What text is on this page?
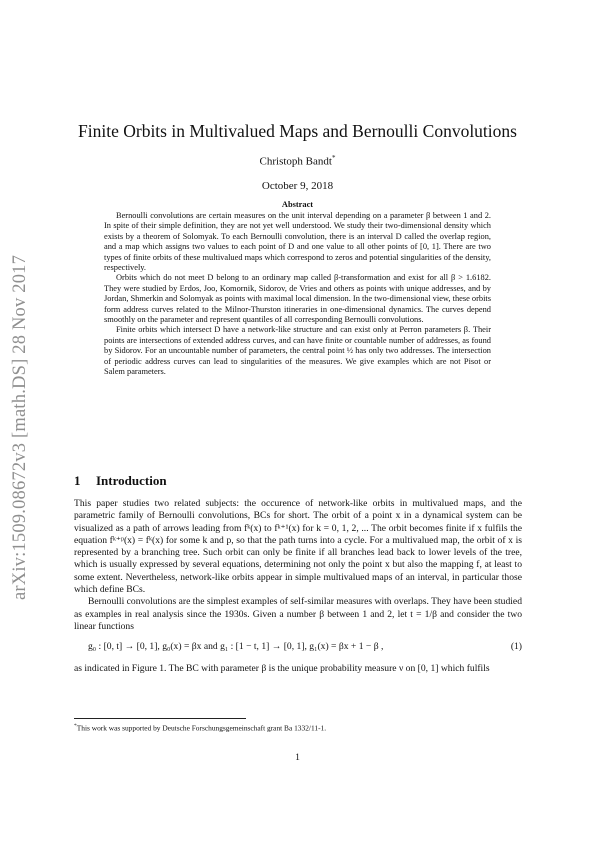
arXiv:1509.08672v3 [math.DS] 28 Nov 2017
Finite Orbits in Multivalued Maps and Bernoulli Convolutions
Christoph Bandt*
October 9, 2018
Abstract

Bernoulli convolutions are certain measures on the unit interval depending on a parameter β between 1 and 2. In spite of their simple definition, they are not yet well understood. We study their two-dimensional density which exists by a theorem of Solomyak. To each Bernoulli convolution, there is an interval D called the overlap region, and a map which assigns two values to each point of D and one value to all other points of [0, 1]. There are two types of finite orbits of these multivalued maps which correspond to zeros and potential singularities of the density, respectively.

Orbits which do not meet D belong to an ordinary map called β-transformation and exist for all β > 1.6182. They were studied by Erdos, Joo, Komornik, Sidorov, de Vries and others as points with unique addresses, and by Jordan, Shmerkin and Solomyak as points with maximal local dimension. In the two-dimensional view, these orbits form address curves related to the Milnor-Thurston itineraries in one-dimensional dynamics. The curves depend smoothly on the parameter and represent quantiles of all corresponding Bernoulli convolutions.

Finite orbits which intersect D have a network-like structure and can exist only at Perron parameters β. Their points are intersections of extended address curves, and can have finite or countable number of addresses, as found by Sidorov. For an uncountable number of parameters, the central point ½ has only two addresses. The intersection of periodic address curves can lead to singularities of the measures. We give examples which are not Pisot or Salem parameters.

1 Introduction

This paper studies two related subjects: the occurence of network-like orbits in multivalued maps, and the parametric family of Bernoulli convolutions, BCs for short. The orbit of a point x in a dynamical system can be visualized as a path of arrows leading from fᵏ(x) to fᵏ⁺¹(x) for k = 0, 1, 2, ... The orbit becomes finite if x fulfils the equation fᵏ⁺ᵖ(x) = fᵏ(x) for some k and p, so that the path turns into a cycle. For a multivalued map, the orbit of x is represented by a branching tree. Such orbit can only be finite if all branches lead back to lower levels of the tree, which is usually expressed by several equations, determining not only the point x but also the mapping f, at least to some extent. Nevertheless, network-like orbits appear in simple multivalued maps of an interval, in particular those which define BCs.

Bernoulli convolutions are the simplest examples of self-similar measures with overlaps. They have been studied as examples in real analysis since the 1930s. Given a number β between 1 and 2, let t = 1/β and consider the two linear functions

g₀ : [0, t] → [0, 1], g₀(x) = βx and g₁ : [1 − t, 1] → [0, 1], g₁(x) = βx + 1 − β ,	(1)

as indicated in Figure 1. The BC with parameter β is the unique probability measure ν on [0, 1] which fulfils

*This work was supported by Deutsche Forschungsgemeinschaft grant Ba 1332/11-1.
1
